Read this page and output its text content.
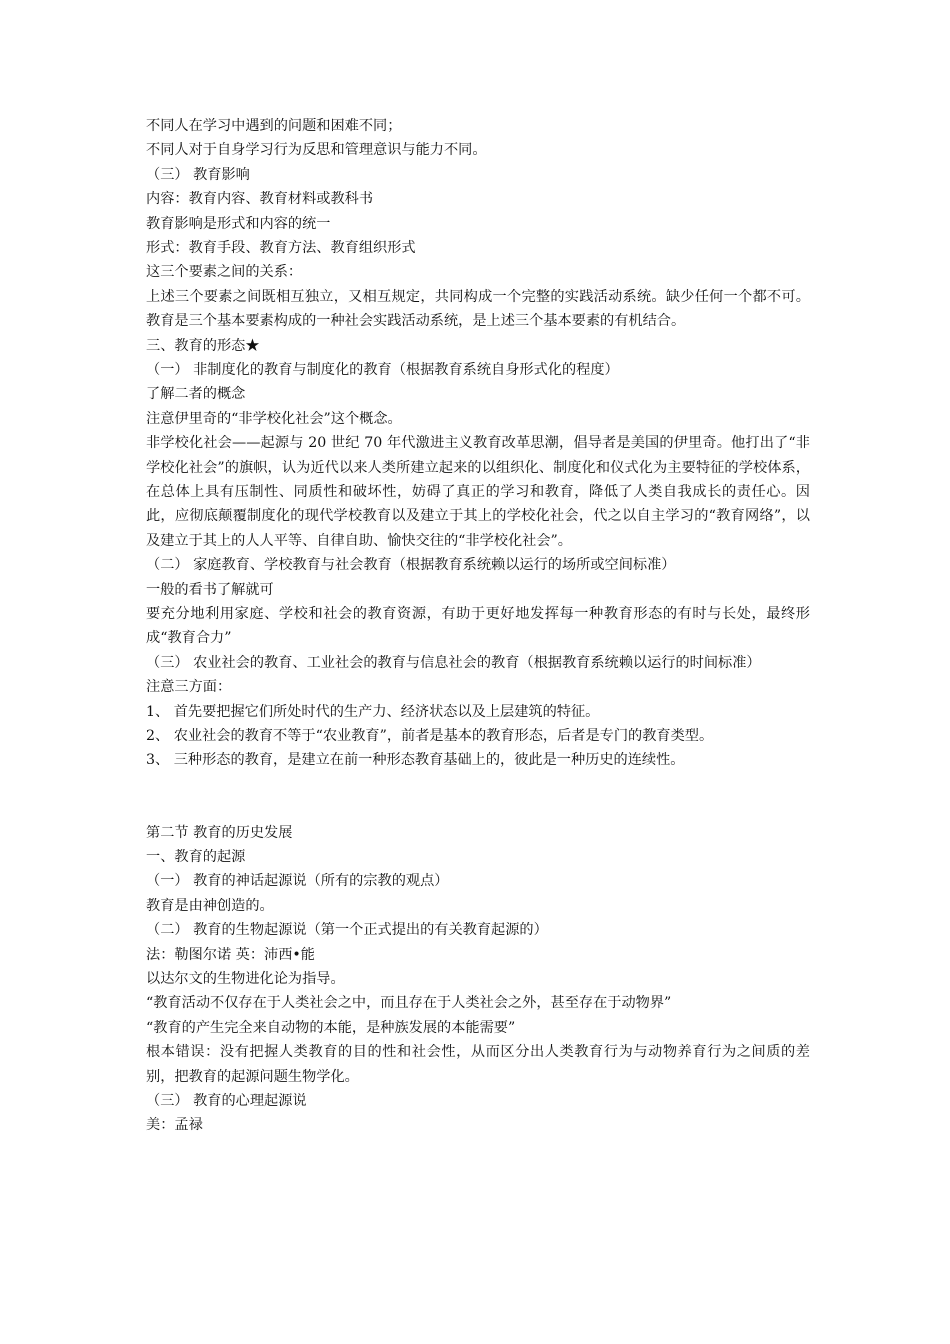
不同人在学习中遇到的问题和困难不同；
不同人对于自身学习行为反思和管理意识与能力不同。
（三） 教育影响
内容：教育内容、教育材料或教科书
教育影响是形式和内容的统一
形式：教育手段、教育方法、教育组织形式
这三个要素之间的关系：
上述三个要素之间既相互独立，又相互规定，共同构成一个完整的实践活动系统。缺少任何一个都不可。教育是三个基本要素构成的一种社会实践活动系统，是上述三个基本要素的有机结合。
三、教育的形态★
（一） 非制度化的教育与制度化的教育（根据教育系统自身形式化的程度）
了解二者的概念
注意伊里奇的“非学校化社会”这个概念。
非学校化社会——起源与 20 世纪 70 年代激进主义教育改革思潮，倡导者是美国的伊里奇。他打出了“非学校化社会”的旗帜，认为近代以来人类所建立起来的以组织化、制度化和仪式化为主要特征的学校体系，在总体上具有压制性、同质性和破坏性，妨碍了真正的学习和教育，降低了人类自我成长的责任心。因此，应彻底颠覆制度化的现代学校教育以及建立于其上的学校化社会，代之以自主学习的“教育网络”，以及建立于其上的人人平等、自律自助、愉快交往的“非学校化社会”。
（二） 家庭教育、学校教育与社会教育（根据教育系统赖以运行的场所或空间标准）
一般的看书了解就可
要充分地利用家庭、学校和社会的教育资源，有助于更好地发挥每一种教育形态的有时与长处，最终形成“教育合力”
（三） 农业社会的教育、工业社会的教育与信息社会的教育（根据教育系统赖以运行的时间标准）
注意三方面：
1、 首先要把握它们所处时代的生产力、经济状态以及上层建筑的特征。
2、 农业社会的教育不等于“农业教育”，前者是基本的教育形态，后者是专门的教育类型。
3、 三种形态的教育，是建立在前一种形态教育基础上的，彼此是一种历史的连续性。
第二节 教育的历史发展
一、教育的起源
（一） 教育的神话起源说（所有的宗教的观点）
教育是由神创造的。
（二） 教育的生物起源说（第一个正式提出的有关教育起源的）
法：勒图尔诺 英：沛西•能
以达尔文的生物进化论为指导。
“教育活动不仅存在于人类社会之中，而且存在于人类社会之外，甚至存在于动物界”
“教育的产生完全来自动物的本能，是种族发展的本能需要”
根本错误：没有把握人类教育的目的性和社会性，从而区分出人类教育行为与动物养育行为之间质的差别，把教育的起源问题生物学化。
（三） 教育的心理起源说
美：孟禄
